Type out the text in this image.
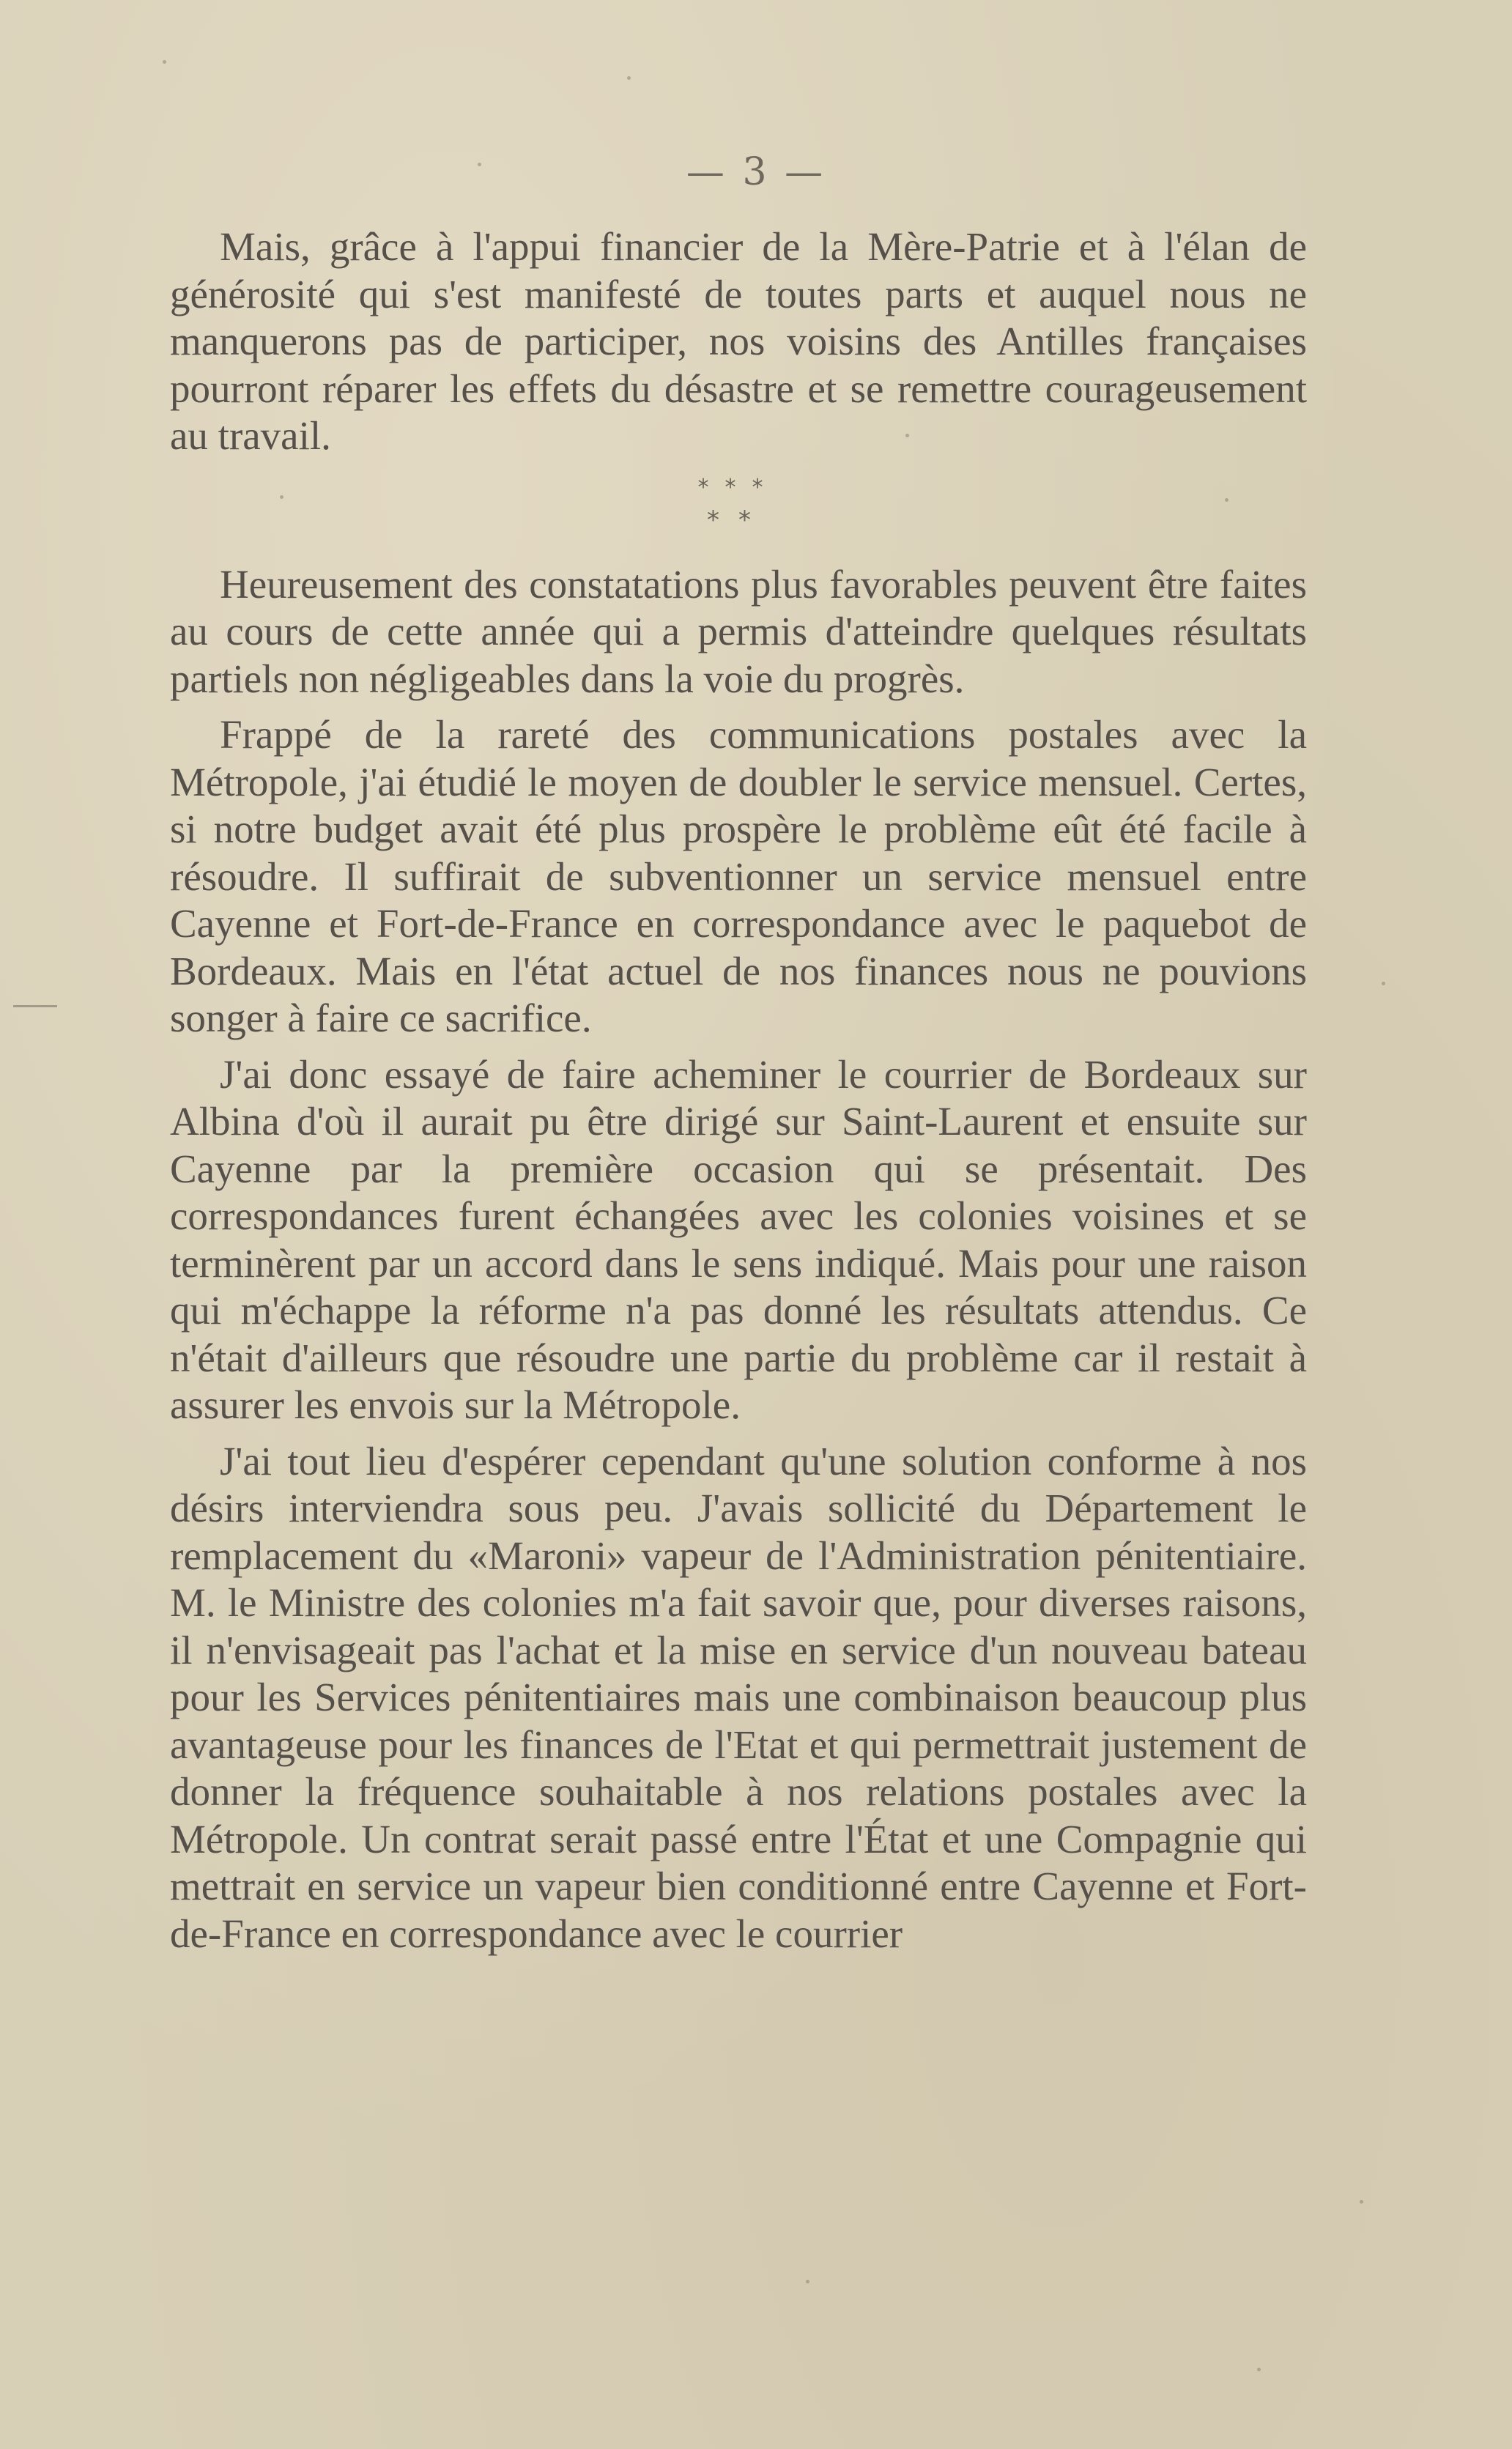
— 3 —

Mais, grâce à l'appui financier de la Mère-Patrie et à l'élan de générosité qui s'est manifesté de toutes parts et auquel nous ne manquerons pas de participer, nos voisins des Antilles françaises pourront réparer les effets du désastre et se remettre courageusement au travail.

***
**

Heureusement des constatations plus favorables peuvent être faites au cours de cette année qui a permis d'atteindre quelques résultats partiels non négligeables dans la voie du progrès.

Frappé de la rareté des communications postales avec la Métropole, j'ai étudié le moyen de doubler le service mensuel. Certes, si notre budget avait été plus prospère le problème eût été facile à résoudre. Il suffirait de subventionner un service mensuel entre Cayenne et Fort-de-France en correspondance avec le paquebot de Bordeaux. Mais en l'état actuel de nos finances nous ne pouvions songer à faire ce sacrifice.

J'ai donc essayé de faire acheminer le courrier de Bordeaux sur Albina d'où il aurait pu être dirigé sur Saint-Laurent et ensuite sur Cayenne par la première occasion qui se présentait. Des correspondances furent échangées avec les colonies voisines et se terminèrent par un accord dans le sens indiqué. Mais pour une raison qui m'échappe la réforme n'a pas donné les résultats attendus. Ce n'était d'ailleurs que résoudre une partie du problème car il restait à assurer les envois sur la Métropole.

J'ai tout lieu d'espérer cependant qu'une solution conforme à nos désirs interviendra sous peu. J'avais sollicité du Département le remplacement du «Maroni» vapeur de l'Administration pénitentiaire. M. le Ministre des colonies m'a fait savoir que, pour diverses raisons, il n'envisageait pas l'achat et la mise en service d'un nouveau bateau pour les Services pénitentiaires mais une combinaison beaucoup plus avantageuse pour les finances de l'Etat et qui permettrait justement de donner la fréquence souhaitable à nos relations postales avec la Métropole. Un contrat serait passé entre l'État et une Compagnie qui mettrait en service un vapeur bien conditionné entre Cayenne et Fort-de-France en correspondance avec le courrier
